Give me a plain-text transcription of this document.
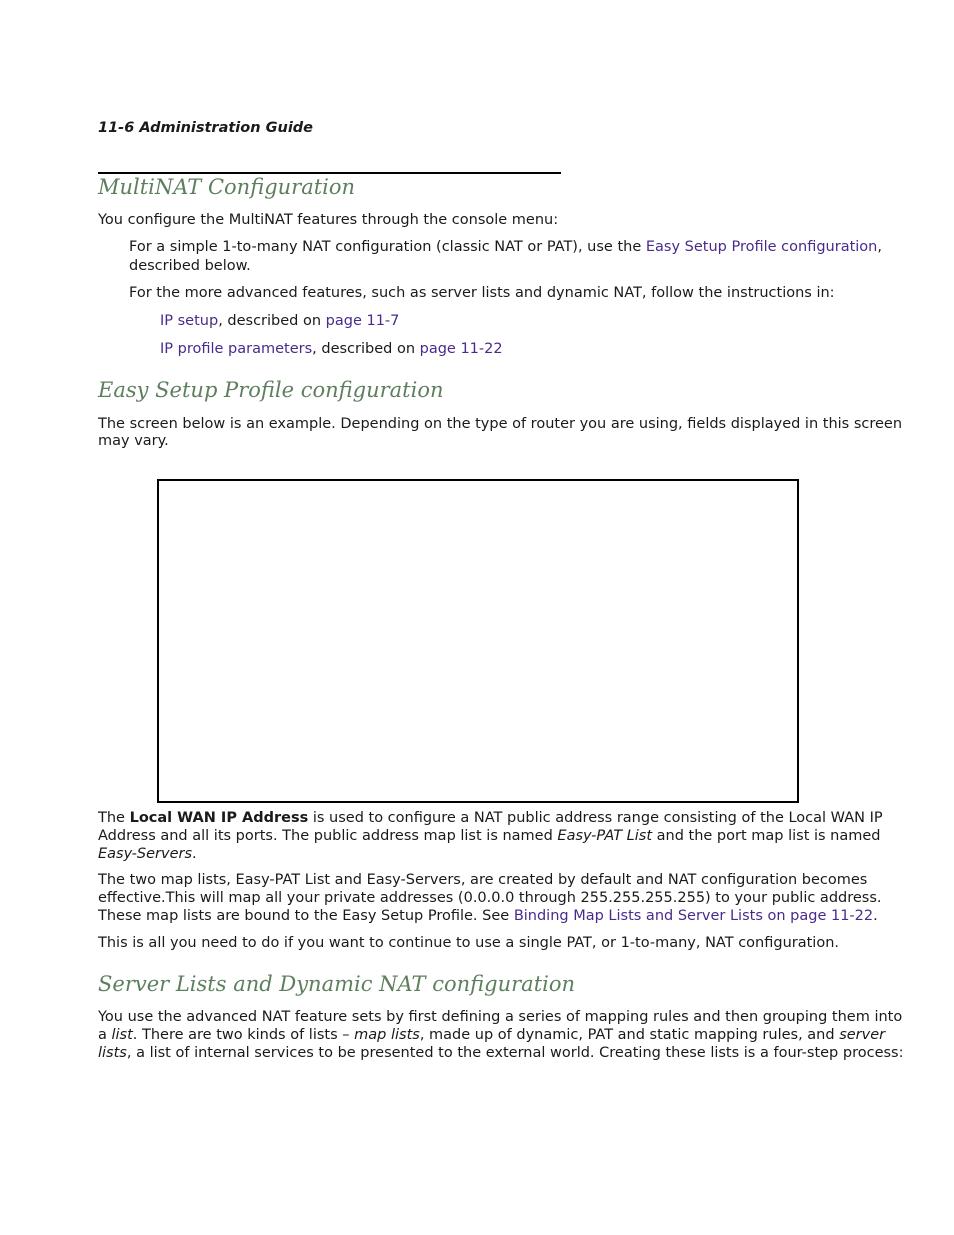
11-6 Administration Guide
MultiNAT Configuration

You configure the MultiNAT features through the console menu:

For a simple 1-to-many NAT configuration (classic NAT or PAT), use the Easy Setup Profile configuration,

described below.

For the more advanced features, such as server lists and dynamic NAT, follow the instructions in:

IP setup, described on page 11-7

IP profile parameters, described on page 11-22

Easy Setup Profile configuration

The screen below is an example. Depending on the type of router you are using, fields displayed in this screen

may vary.

The Local WAN IP Address is used to configure a NAT public address range consisting of the Local WAN IP

Address and all its ports. The public address map list is named Easy-PAT List and the port map list is named

Easy-Servers.

The two map lists, Easy-PAT List and Easy-Servers, are created by default and NAT configuration becomes

effective.This will map all your private addresses (0.0.0.0 through 255.255.255.255) to your public address.

These map lists are bound to the Easy Setup Profile. See Binding Map Lists and Server Lists on page 11-22.

This is all you need to do if you want to continue to use a single PAT, or 1-to-many, NAT configuration.

Server Lists and Dynamic NAT configuration

You use the advanced NAT feature sets by first defining a series of mapping rules and then grouping them into

a list. There are two kinds of lists – map lists, made up of dynamic, PAT and static mapping rules, and server

lists, a list of internal services to be presented to the external world. Creating these lists is a four-step process:
